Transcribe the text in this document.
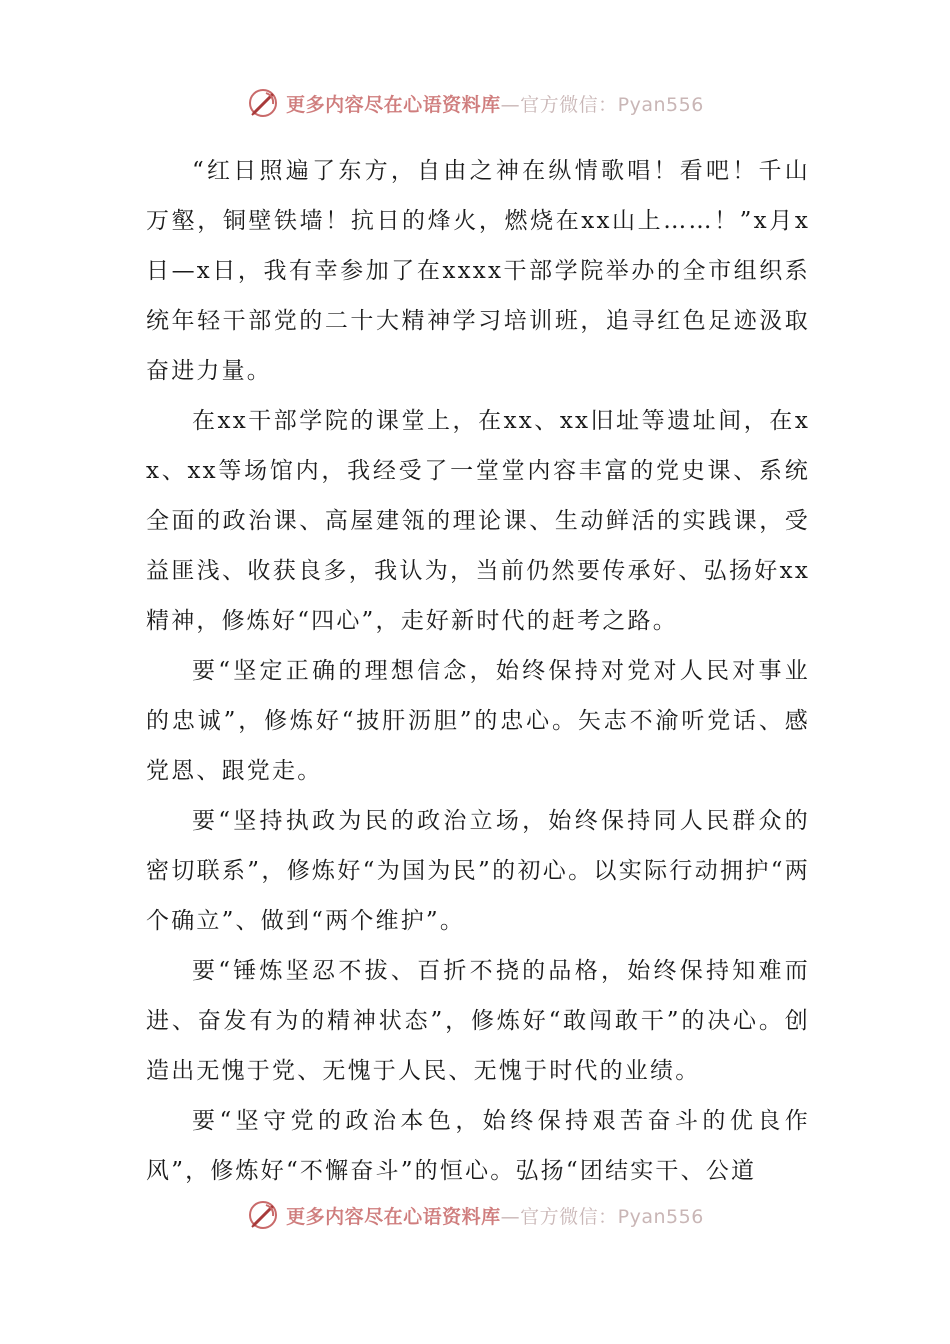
更多内容尽在心语资料库—官方微信：Pyan556

“红日照遍了东方，自由之神在纵情歌唱！看吧！千山万壑，铜壁铁墙！抗日的烽火，燃烧在xx山上……！”x月x日—x日，我有幸参加了在xxxx干部学院举办的全市组织系统年轻干部党的二十大精神学习培训班，追寻红色足迹汲取奋进力量。

在xx干部学院的课堂上，在xx、xx旧址等遗址间，在xx、xx等场馆内，我经受了一堂堂内容丰富的党史课、系统全面的政治课、高屋建瓴的理论课、生动鲜活的实践课，受益匪浅、收获良多，我认为，当前仍然要传承好、弘扬好xx精神，修炼好“四心”，走好新时代的赶考之路。

要“坚定正确的理想信念，始终保持对党对人民对事业的忠诚”，修炼好“披肝沥胆”的忠心。矢志不渝听党话、感党恩、跟党走。

要“坚持执政为民的政治立场，始终保持同人民群众的密切联系”，修炼好“为国为民”的初心。以实际行动拥护“两个确立”、做到“两个维护”。

要“锤炼坚忍不拔、百折不挠的品格，始终保持知难而进、奋发有为的精神状态”，修炼好“敢闯敢干”的决心。创造出无愧于党、无愧于人民、无愧于时代的业绩。

要“坚守党的政治本色，始终保持艰苦奋斗的优良作风”，修炼好“不懈奋斗”的恒心。弘扬“团结实干、公道

更多内容尽在心语资料库—官方微信：Pyan556
